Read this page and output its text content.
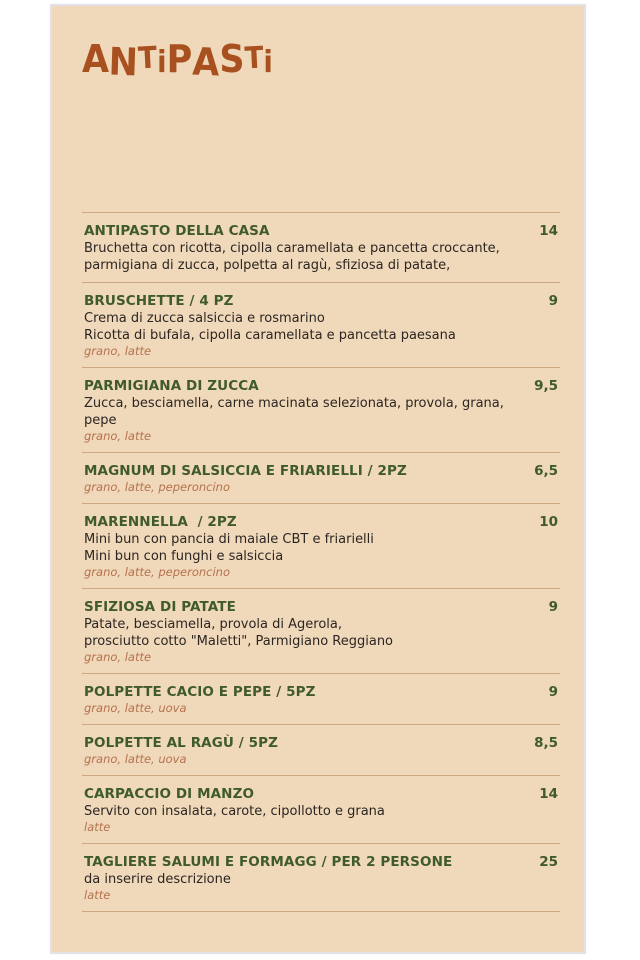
ANTiPASTi
ANTIPASTO DELLA CASA	14
Bruchetta con ricotta, cipolla caramellata e pancetta croccante, parmigiana di zucca, polpetta al ragù, sfiziosa di patate,
BRUSCHETTE / 4 PZ	9
Crema di zucca salsiccia e rosmarino
Ricotta di bufala, cipolla caramellata e pancetta paesana
grano, latte
PARMIGIANA DI ZUCCA	9,5
Zucca, besciamella, carne macinata selezionata, provola, grana, pepe
grano, latte
MAGNUM DI SALSICCIA E FRIARIELLI / 2PZ	6,5
grano, latte, peperoncino
MARENNELLA  / 2PZ	10
Mini bun con pancia di maiale CBT e friarielli
Mini bun con funghi e salsiccia
grano, latte, peperoncino
SFIZIOSA DI PATATE	9
Patate, besciamella, provola di Agerola,
prosciutto cotto "Maletti", Parmigiano Reggiano
grano, latte
POLPETTE CACIO E PEPE / 5PZ	9
grano, latte, uova
POLPETTE AL RAGÙ / 5PZ	8,5
grano, latte, uova
CARPACCIO DI MANZO	14
Servito con insalata, carote, cipollotto e grana
latte
TAGLIERE SALUMI E FORMAGG / PER 2 PERSONE	25
da inserire descrizione
latte
